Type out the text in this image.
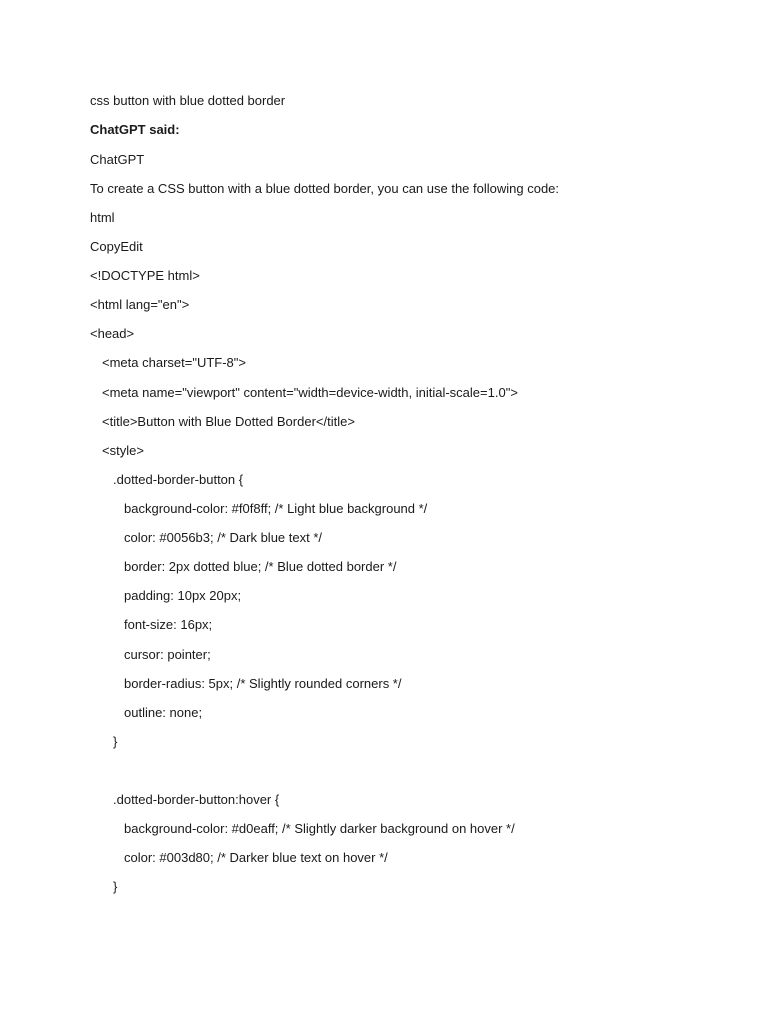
css button with blue dotted border
ChatGPT said:
ChatGPT
To create a CSS button with a blue dotted border, you can use the following code:
html
CopyEdit
<!DOCTYPE html>
<html lang="en">
<head>
<meta charset="UTF-8">
<meta name="viewport" content="width=device-width, initial-scale=1.0">
<title>Button with Blue Dotted Border</title>
<style>
.dotted-border-button {
background-color: #f0f8ff; /* Light blue background */
color: #0056b3; /* Dark blue text */
border: 2px dotted blue; /* Blue dotted border */
padding: 10px 20px;
font-size: 16px;
cursor: pointer;
border-radius: 5px; /* Slightly rounded corners */
outline: none;
}
.dotted-border-button:hover {
background-color: #d0eaff; /* Slightly darker background on hover */
color: #003d80; /* Darker blue text on hover */
}
